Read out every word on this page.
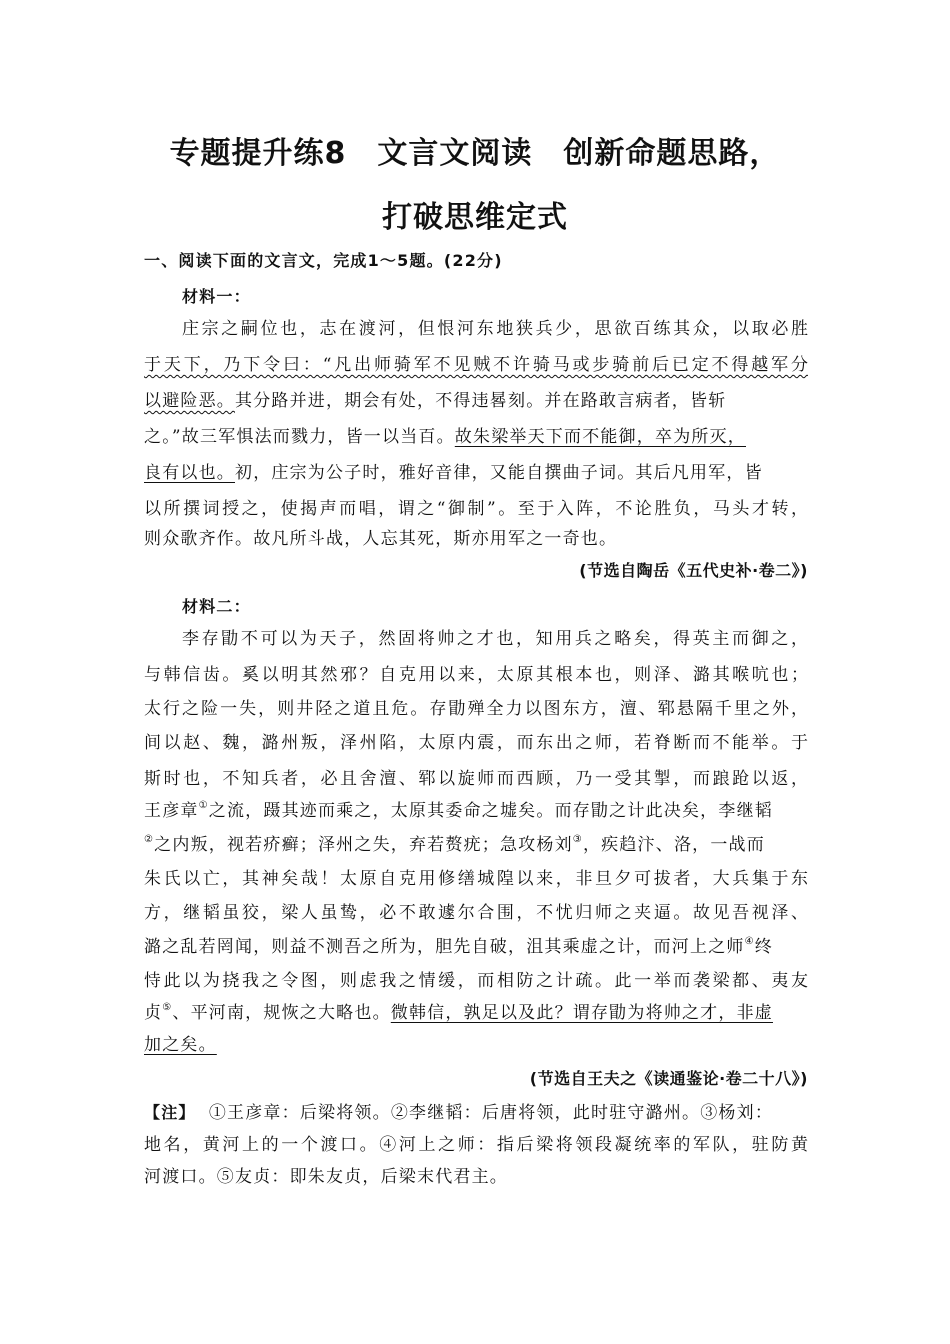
专题提升练8　文言文阅读　创新命题思路，
打破思维定式
一、阅读下面的文言文，完成1～5题。(22分)
材料一：
庄宗之嗣位也，志在渡河，但恨河东地狭兵少，思欲百练其众，以取必胜
于天下，乃下令曰：“凡出师骑军不见贼不许骑马或步骑前后已定不得越军分
以避险恶。其分路并进，期会有处，不得违晷刻。并在路敢言病者，皆斩
之。”故三军惧法而戮力，皆一以当百。故朱梁举天下而不能御，卒为所灭，
良有以也。初，庄宗为公子时，雅好音律，又能自撰曲子词。其后凡用军，皆
以所撰词授之，使揭声而唱，谓之“御制”。至于入阵，不论胜负，马头才转，
则众歌齐作。故凡所斗战，人忘其死，斯亦用军之一奇也。
(节选自陶岳《五代史补·卷二》)
材料二：
李存勖不可以为天子，然固将帅之才也，知用兵之略矣，得英主而御之，
与韩信齿。奚以明其然邪？自克用以来，太原其根本也，则泽、潞其喉吭也；
太行之险一失，则井陉之道且危。存勖殚全力以图东方，澶、郓悬隔千里之外，
间以赵、魏，潞州叛，泽州陷，太原内震，而东出之师，若脊断而不能举。于
斯时也，不知兵者，必且舍澶、郓以旋师而西顾，乃一受其掣，而踉跄以返，
王彦章①之流，蹑其迹而乘之，太原其委命之墟矣。而存勖之计此决矣，李继韬
②之内叛，视若疥癣；泽州之失，弃若赘疣；急攻杨刘③，疾趋汴、洛，一战而
朱氏以亡，其神矣哉！太原自克用修缮城隍以来，非旦夕可拔者，大兵集于东
方，继韬虽狡，梁人虽鸷，必不敢遽尔合围，不忧归师之夹逼。故见吾视泽、
潞之乱若罔闻，则益不测吾之所为，胆先自破，沮其乘虚之计，而河上之师④终
恃此以为挠我之令图，则虑我之情缓，而相防之计疏。此一举而袭梁都、夷友
贞⑤、平河南，规恢之大略也。微韩信，孰足以及此？谓存勖为将帅之才，非虚
加之矣。
(节选自王夫之《读通鉴论·卷二十八》)
【注】 ①王彦章：后梁将领。②李继韬：后唐将领，此时驻守潞州。③杨刘：
地名，黄河上的一个渡口。④河上之师：指后梁将领段凝统率的军队，驻防黄
河渡口。⑤友贞：即朱友贞，后梁末代君主。
